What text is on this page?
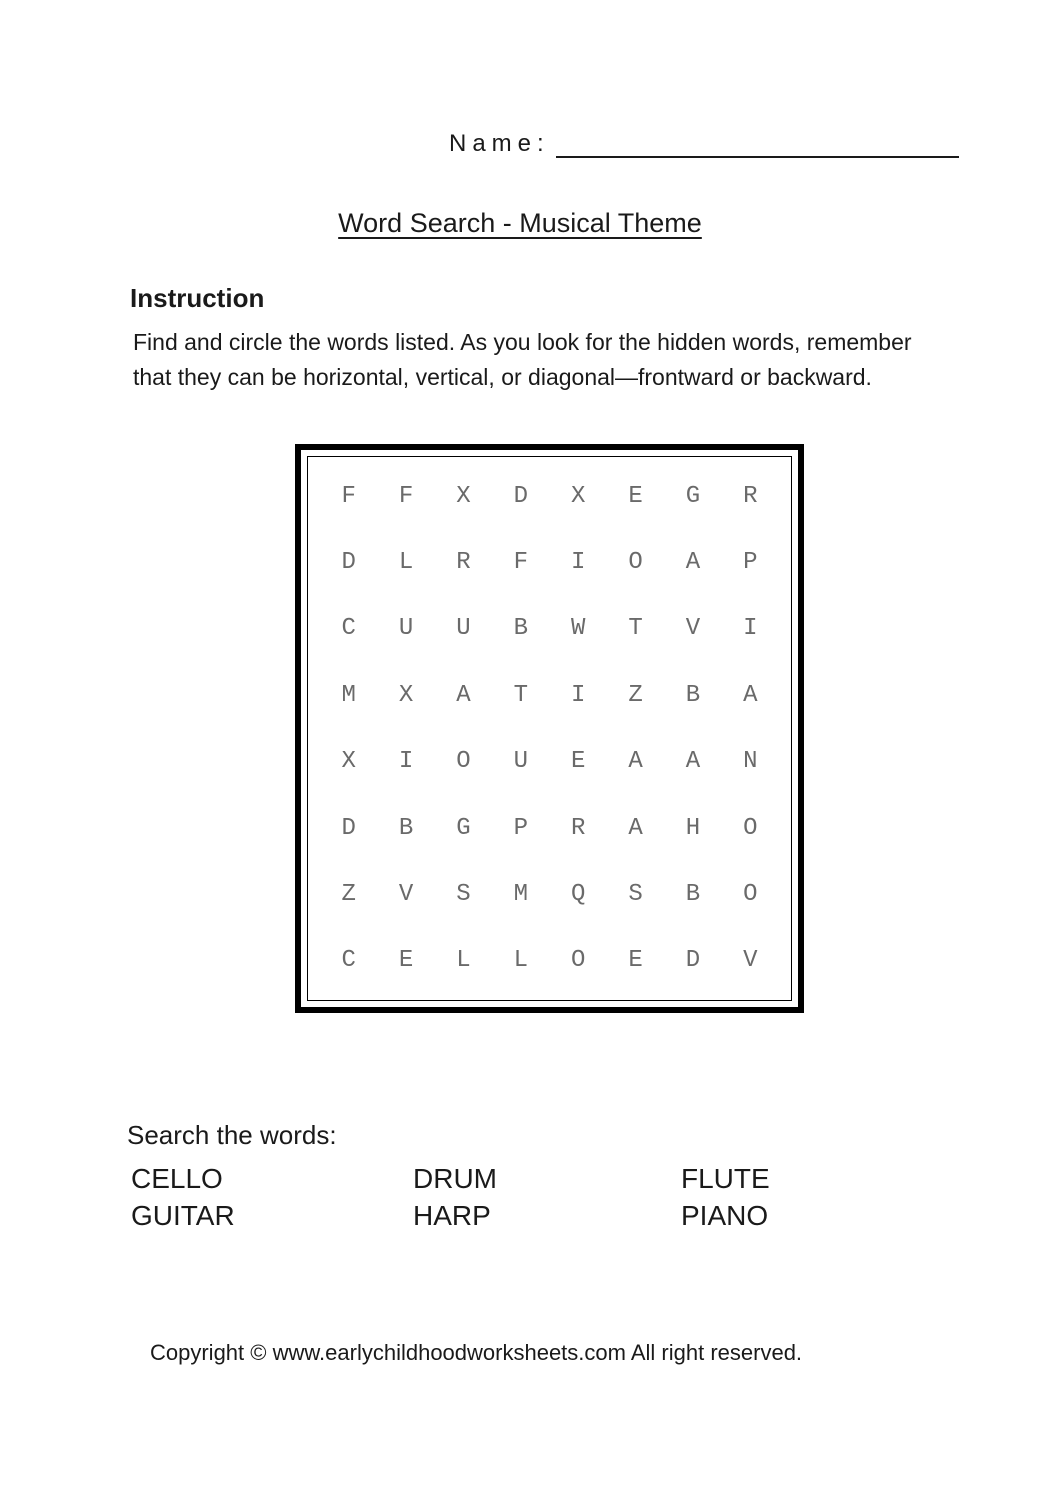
Name:
Word Search - Musical Theme
Instruction
Find and circle the words listed. As you look for the hidden words, remember that they can be horizontal, vertical, or diagonal—frontward or backward.
F	F	X	D	X	E	G	R
D	L	R	F	I	O	A	P
C	U	U	B	W	T	V	I
M	X	A	T	I	Z	B	A
X	I	O	U	E	A	A	N
D	B	G	P	R	A	H	O
Z	V	S	M	Q	S	B	O
C	E	L	L	O	E	D	V
Search the words:
CELLO	DRUM	FLUTE
GUITAR	HARP	PIANO
Copyright © www.earlychildhoodworksheets.com All right reserved.
